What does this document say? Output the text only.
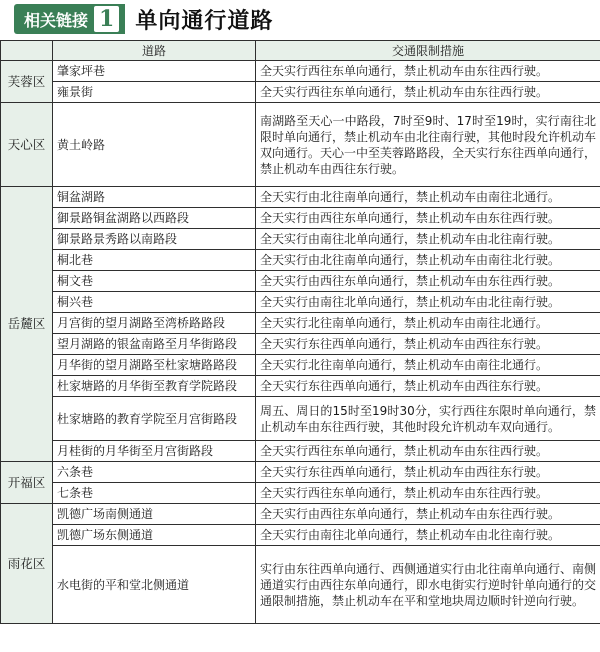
相关链接 1 单向通行道路
	道路	交通限制措施
芙蓉区	肇家坪巷	全天实行西往东单向通行，禁止机动车由东往西行驶。
	雍景街	全天实行西往东单向通行，禁止机动车由东往西行驶。
天心区	黄土岭路	南湖路至天心一中路段，7时至9时、17时至19时，实行南往北限时单向通行，禁止机动车由北往南行驶，其他时段允许机动车双向通行。天心一中至芙蓉路路段，全天实行东往西单向通行，禁止机动车由西往东行驶。
岳麓区	铜盆湖路	全天实行由北往南单向通行，禁止机动车由南往北通行。
	御景路铜盆湖路以西路段	全天实行由西往东单向通行，禁止机动车由东往西行驶。
	御景路景秀路以南路段	全天实行由南往北单向通行，禁止机动车由北往南行驶。
	桐北巷	全天实行由北往南单向通行，禁止机动车由南往北行驶。
	桐文巷	全天实行由西往东单向通行，禁止机动车由东往西行驶。
	桐兴巷	全天实行由南往北单向通行，禁止机动车由北往南行驶。
	月宫街的望月湖路至湾桥路路段	全天实行北往南单向通行，禁止机动车由南往北通行。
	望月湖路的银盆南路至月华街路段	全天实行东往西单向通行，禁止机动车由西往东行驶。
	月华街的望月湖路至杜家塘路路段	全天实行北往南单向通行，禁止机动车由南往北通行。
	杜家塘路的月华街至教育学院路段	全天实行东往西单向通行，禁止机动车由西往东行驶。
	杜家塘路的教育学院至月宫街路段	周五、周日的15时至19时30分，实行西往东限时单向通行，禁止机动车由东往西行驶，其他时段允许机动车双向通行。
	月桂街的月华街至月宫街路段	全天实行西往东单向通行，禁止机动车由东往西行驶。
开福区	六条巷	全天实行东往西单向通行，禁止机动车由西往东行驶。
	七条巷	全天实行西往东单向通行，禁止机动车由东往西行驶。
雨花区	凯德广场南侧通道	全天实行由西往东单向通行，禁止机动车由东往西行驶。
	凯德广场东侧通道	全天实行由南往北单向通行，禁止机动车由北往南行驶。
	水电街的平和堂北侧通道	实行由东往西单向通行、西侧通道实行由北往南单向通行、南侧通道实行由西往东单向通行，即水电街实行逆时针单向通行的交通限制措施，禁止机动车在平和堂地块周边顺时针逆向行驶。
